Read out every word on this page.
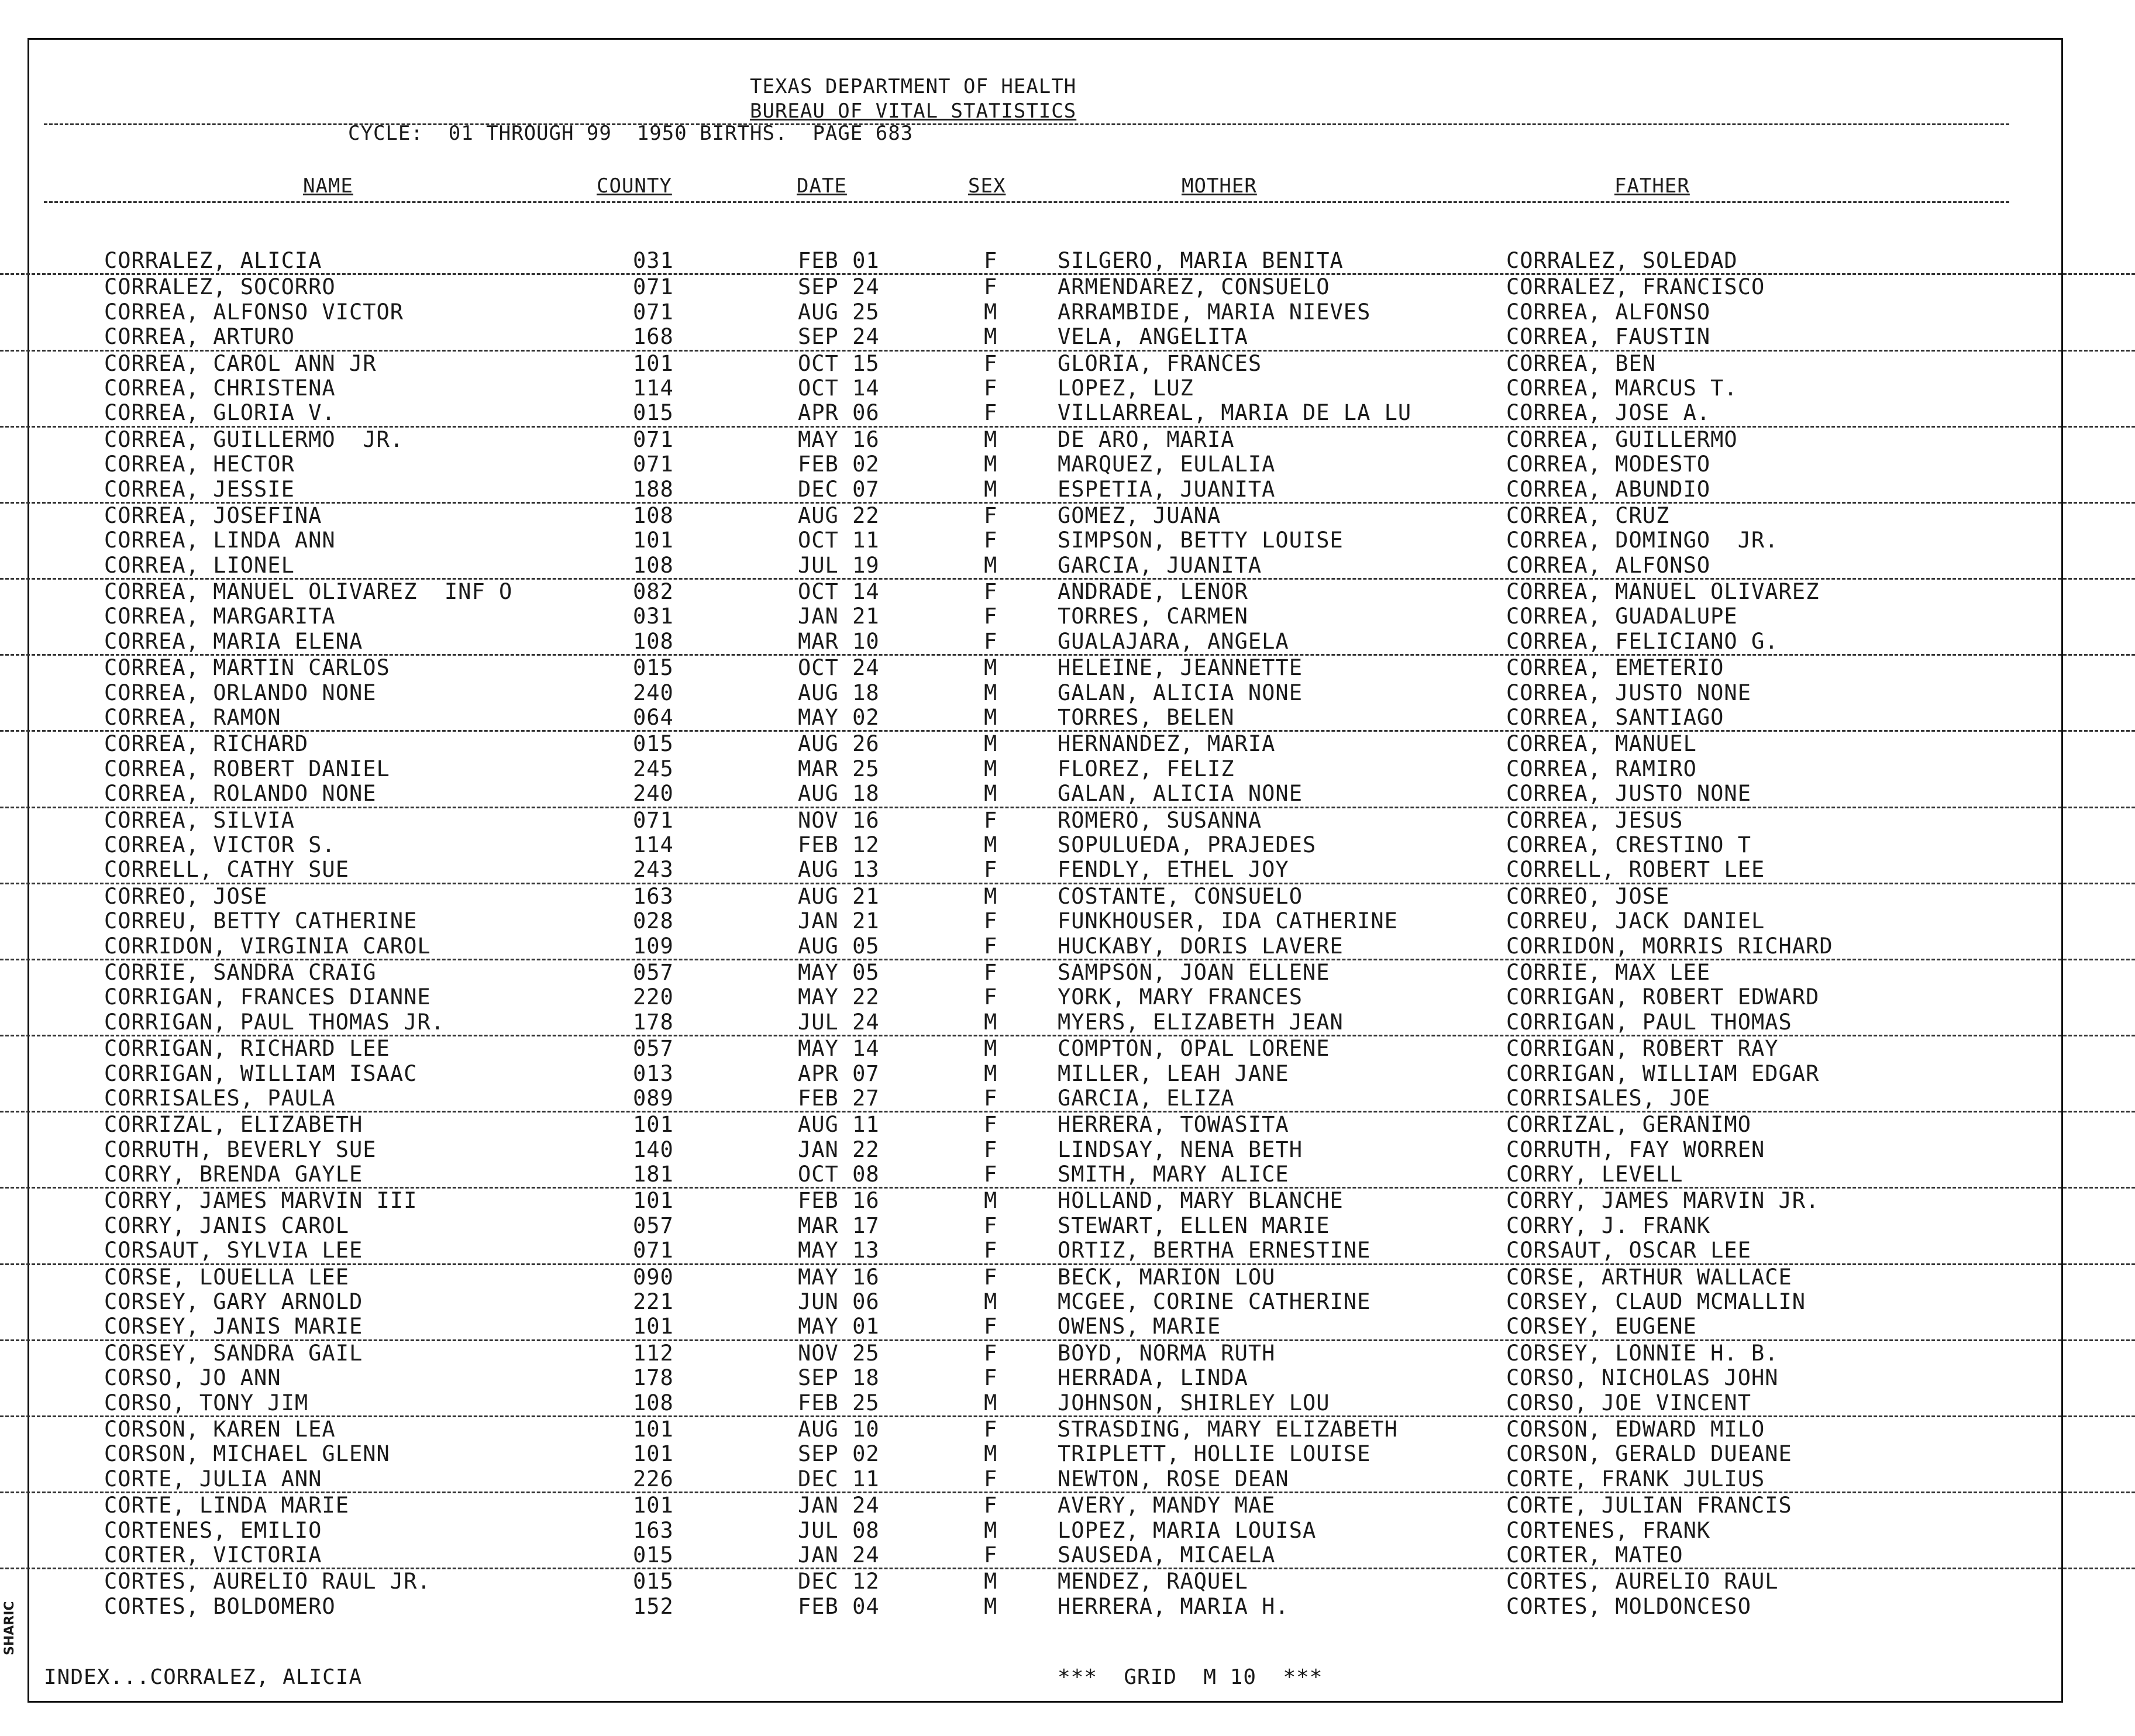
TEXAS DEPARTMENT OF HEALTH
BUREAU OF VITAL STATISTICS
CYCLE:  01 THROUGH 99  1950 BIRTHS.  PAGE 683
NAME	COUNTY	DATE	SEX	MOTHER	FATHER
CORRALEZ, ALICIA	031	FEB 01	F	SILGERO, MARIA BENITA	CORRALEZ, SOLEDAD
CORRALEZ, SOCORRO	071	SEP 24	F	ARMENDAREZ, CONSUELO	CORRALEZ, FRANCISCO
CORREA, ALFONSO VICTOR	071	AUG 25	M	ARRAMBIDE, MARIA NIEVES	CORREA, ALFONSO
CORREA, ARTURO	168	SEP 24	M	VELA, ANGELITA	CORREA, FAUSTIN
CORREA, CAROL ANN JR	101	OCT 15	F	GLORIA, FRANCES	CORREA, BEN
CORREA, CHRISTENA	114	OCT 14	F	LOPEZ, LUZ	CORREA, MARCUS T.
CORREA, GLORIA V.	015	APR 06	F	VILLARREAL, MARIA DE LA LU	CORREA, JOSE A.
CORREA, GUILLERMO  JR.	071	MAY 16	M	DE ARO, MARIA	CORREA, GUILLERMO
CORREA, HECTOR	071	FEB 02	M	MARQUEZ, EULALIA	CORREA, MODESTO
CORREA, JESSIE	188	DEC 07	M	ESPETIA, JUANITA	CORREA, ABUNDIO
CORREA, JOSEFINA	108	AUG 22	F	GOMEZ, JUANA	CORREA, CRUZ
CORREA, LINDA ANN	101	OCT 11	F	SIMPSON, BETTY LOUISE	CORREA, DOMINGO  JR.
CORREA, LIONEL	108	JUL 19	M	GARCIA, JUANITA	CORREA, ALFONSO
CORREA, MANUEL OLIVAREZ  INF O	082	OCT 14	F	ANDRADE, LENOR	CORREA, MANUEL OLIVAREZ
CORREA, MARGARITA	031	JAN 21	F	TORRES, CARMEN	CORREA, GUADALUPE
CORREA, MARIA ELENA	108	MAR 10	F	GUALAJARA, ANGELA	CORREA, FELICIANO G.
CORREA, MARTIN CARLOS	015	OCT 24	M	HELEINE, JEANNETTE	CORREA, EMETERIO
CORREA, ORLANDO NONE	240	AUG 18	M	GALAN, ALICIA NONE	CORREA, JUSTO NONE
CORREA, RAMON	064	MAY 02	M	TORRES, BELEN	CORREA, SANTIAGO
CORREA, RICHARD	015	AUG 26	M	HERNANDEZ, MARIA	CORREA, MANUEL
CORREA, ROBERT DANIEL	245	MAR 25	M	FLOREZ, FELIZ	CORREA, RAMIRO
CORREA, ROLANDO NONE	240	AUG 18	M	GALAN, ALICIA NONE	CORREA, JUSTO NONE
CORREA, SILVIA	071	NOV 16	F	ROMERO, SUSANNA	CORREA, JESUS
CORREA, VICTOR S.	114	FEB 12	M	SOPULUEDA, PRAJEDES	CORREA, CRESTINO T
CORRELL, CATHY SUE	243	AUG 13	F	FENDLY, ETHEL JOY	CORRELL, ROBERT LEE
CORREO, JOSE	163	AUG 21	M	COSTANTE, CONSUELO	CORREO, JOSE
CORREU, BETTY CATHERINE	028	JAN 21	F	FUNKHOUSER, IDA CATHERINE	CORREU, JACK DANIEL
CORRIDON, VIRGINIA CAROL	109	AUG 05	F	HUCKABY, DORIS LAVERE	CORRIDON, MORRIS RICHARD
CORRIE, SANDRA CRAIG	057	MAY 05	F	SAMPSON, JOAN ELLENE	CORRIE, MAX LEE
CORRIGAN, FRANCES DIANNE	220	MAY 22	F	YORK, MARY FRANCES	CORRIGAN, ROBERT EDWARD
CORRIGAN, PAUL THOMAS JR.	178	JUL 24	M	MYERS, ELIZABETH JEAN	CORRIGAN, PAUL THOMAS
CORRIGAN, RICHARD LEE	057	MAY 14	M	COMPTON, OPAL LORENE	CORRIGAN, ROBERT RAY
CORRIGAN, WILLIAM ISAAC	013	APR 07	M	MILLER, LEAH JANE	CORRIGAN, WILLIAM EDGAR
CORRISALES, PAULA	089	FEB 27	F	GARCIA, ELIZA	CORRISALES, JOE
CORRIZAL, ELIZABETH	101	AUG 11	F	HERRERA, TOWASITA	CORRIZAL, GERANIMO
CORRUTH, BEVERLY SUE	140	JAN 22	F	LINDSAY, NENA BETH	CORRUTH, FAY WORREN
CORRY, BRENDA GAYLE	181	OCT 08	F	SMITH, MARY ALICE	CORRY, LEVELL
CORRY, JAMES MARVIN III	101	FEB 16	M	HOLLAND, MARY BLANCHE	CORRY, JAMES MARVIN JR.
CORRY, JANIS CAROL	057	MAR 17	F	STEWART, ELLEN MARIE	CORRY, J. FRANK
CORSAUT, SYLVIA LEE	071	MAY 13	F	ORTIZ, BERTHA ERNESTINE	CORSAUT, OSCAR LEE
CORSE, LOUELLA LEE	090	MAY 16	F	BECK, MARION LOU	CORSE, ARTHUR WALLACE
CORSEY, GARY ARNOLD	221	JUN 06	M	MCGEE, CORINE CATHERINE	CORSEY, CLAUD MCMALLIN
CORSEY, JANIS MARIE	101	MAY 01	F	OWENS, MARIE	CORSEY, EUGENE
CORSEY, SANDRA GAIL	112	NOV 25	F	BOYD, NORMA RUTH	CORSEY, LONNIE H. B.
CORSO, JO ANN	178	SEP 18	F	HERRADA, LINDA	CORSO, NICHOLAS JOHN
CORSO, TONY JIM	108	FEB 25	M	JOHNSON, SHIRLEY LOU	CORSO, JOE VINCENT
CORSON, KAREN LEA	101	AUG 10	F	STRASDING, MARY ELIZABETH	CORSON, EDWARD MILO
CORSON, MICHAEL GLENN	101	SEP 02	M	TRIPLETT, HOLLIE LOUISE	CORSON, GERALD DUEANE
CORTE, JULIA ANN	226	DEC 11	F	NEWTON, ROSE DEAN	CORTE, FRANK JULIUS
CORTE, LINDA MARIE	101	JAN 24	F	AVERY, MANDY MAE	CORTE, JULIAN FRANCIS
CORTENES, EMILIO	163	JUL 08	M	LOPEZ, MARIA LOUISA	CORTENES, FRANK
CORTER, VICTORIA	015	JAN 24	F	SAUSEDA, MICAELA	CORTER, MATEO
CORTES, AURELIO RAUL JR.	015	DEC 12	M	MENDEZ, RAQUEL	CORTES, AURELIO RAUL
CORTES, BOLDOMERO	152	FEB 04	M	HERRERA, MARIA H.	CORTES, MOLDONCESO
SHARIC
INDEX...CORRALEZ, ALICIA	***  GRID  M 10  ***
